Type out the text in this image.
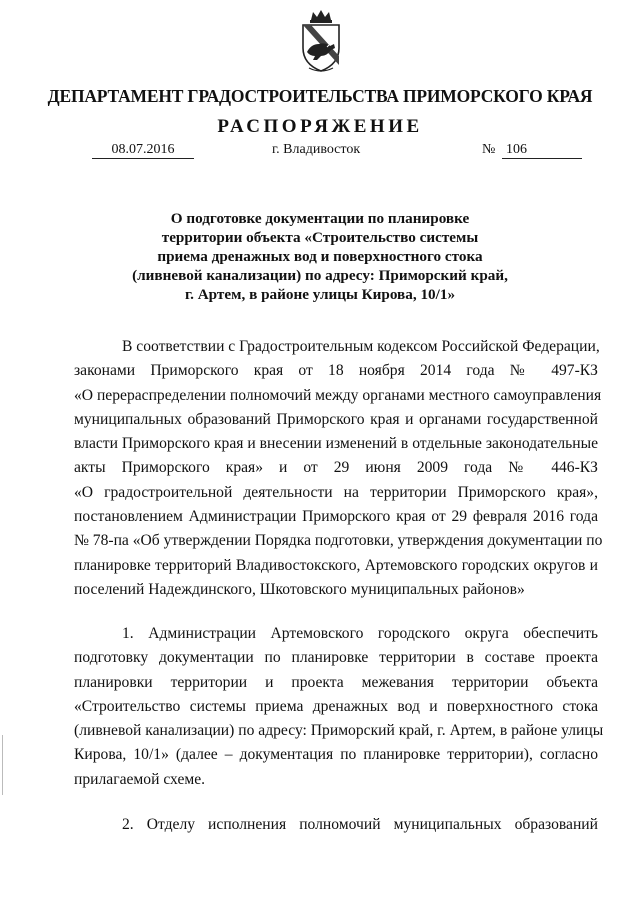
ДЕПАРТАМЕНТ ГРАДОСТРОИТЕЛЬСТВА ПРИМОРСКОГО КРАЯ
РАСПОРЯЖЕНИЕ
08.07.2016	г. Владивосток	№ 106
О подготовке документации по планировке
территории объекта «Строительство системы
приема дренажных вод и поверхностного стока
(ливневой канализации) по адресу: Приморский край,
г. Артем, в районе улицы Кирова, 10/1»
В соответствии с Градостроительным кодексом Российской Федерации,
законами Приморского края от 18 ноября 2014 года № 497-КЗ
«О перераспределении полномочий между органами местного самоуправления
муниципальных образований Приморского края и органами государственной
власти Приморского края и внесении изменений в отдельные законодательные
акты Приморского края» и от 29 июня 2009 года № 446-КЗ
«О градостроительной деятельности на территории Приморского края»,
постановлением Администрации Приморского края от 29 февраля 2016 года
№ 78-па «Об утверждении Порядка подготовки, утверждения документации по
планировке территорий Владивостокского, Артемовского городских округов и
поселений Надеждинского, Шкотовского муниципальных районов»
1. Администрации Артемовского городского округа обеспечить
подготовку документации по планировке территории в составе проекта
планировки территории и проекта межевания территории объекта
«Строительство системы приема дренажных вод и поверхностного стока
(ливневой канализации) по адресу: Приморский край, г. Артем, в районе улицы
Кирова, 10/1» (далее – документация по планировке территории), согласно
прилагаемой схеме.
2. Отделу исполнения полномочий муниципальных образований
